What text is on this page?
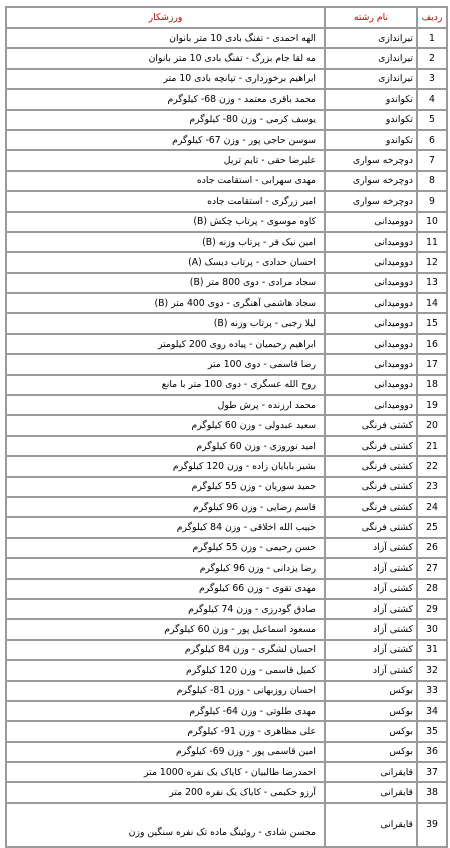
ردیف	نام رشته	ورزشکار
1	تیراندازی	الهه احمدی - تفنگ بادی 10 متر بانوان
2	تیراندازی	مه لقا جام بزرگ - تفنگ بادی 10 متر بانوان
3	تیراندازی	ابراهیم برخورداری - تپانچه بادی 10 متر
4	تکواندو	محمد باقری معتمد - وزن 68- کیلوگرم
5	تکواندو	یوسف کرمی - وزن 80- کیلوگرم
6	تکواندو	سوسن حاجی پور - وزن 67- کیلوگرم
7	دوچرخه سواری	علیرضا حقی - تایم تریل
8	دوچرخه سواری	مهدی سهرابی - استقامت جاده
9	دوچرخه سواری	امیر زرگری - استقامت جاده
10	دوومیدانی	کاوه موسوی - پرتاب چکش (B)
11	دوومیدانی	امین نیک فر - پرتاب وزنه (B)
12	دوومیدانی	احسان حدادی - پرتاب دیسک (A)
13	دوومیدانی	سجاد مرادی - دوی 800 متر (B)
14	دوومیدانی	سجاد هاشمی آهنگری - دوی 400 متر (B)
15	دوومیدانی	لیلا رجبی - پرتاب وزنه (B)
16	دوومیدانی	ابراهیم رحیمیان - پیاده روی 200 کیلومتر
17	دوومیدانی	رضا قاسمی - دوی 100 متر
18	دوومیدانی	روح الله عسگری - دوی 100 متر با مانع
19	دوومیدانی	محمد ارزنده - پرش طول
20	کشتی فرنگی	سعید عبدولی - وزن 60 کیلوگرم
21	کشتی فرنگی	امید نوروزی - وزن 60 کیلوگرم
22	کشتی فرنگی	بشیر بابایان زاده - وزن 120 کیلوگرم
23	کشتی فرنگی	حمید سوریان - وزن 55 کیلوگرم
24	کشتی فرنگی	قاسم رضایی - وزن 96 کیلوگرم
25	کشتی فرنگی	حبیب الله اخلاقی - وزن 84 کیلوگرم
26	کشتی آزاد	حسن رحیمی - وزن 55 کیلوگرم
27	کشتی آزاد	رضا یزدانی - وزن 96 کیلوگرم
28	کشتی آزاد	مهدی تقوی - وزن 66 کیلوگرم
29	کشتی آزاد	صادق گودرزی - وزن 74 کیلوگرم
30	کشتی آزاد	مسعود اسماعیل پور - وزن 60 کیلوگرم
31	کشتی آزاد	احسان لشگری - وزن 84 کیلوگرم
32	کشتی آزاد	کمیل قاسمی - وزن 120 کیلوگرم
33	بوکس	احسان روزبهانی - وزن 81- کیلوگرم
34	بوکس	مهدی طلوتی - وزن 64- کیلوگرم
35	بوکس	علی مظاهری - وزن 91- کیلوگرم
36	بوکس	امین قاسمی پور - وزن 69- کیلوگرم
37	قایقرانی	احمدرضا طالبیان - کایاک یک نفره 1000 متر
38	قایقرانی	آرزو حکیمی - کایاک یک نفره 200 متر
39	قایقرانی	محسن شادی - روئینگ ماده تک نفره سنگین وزن
